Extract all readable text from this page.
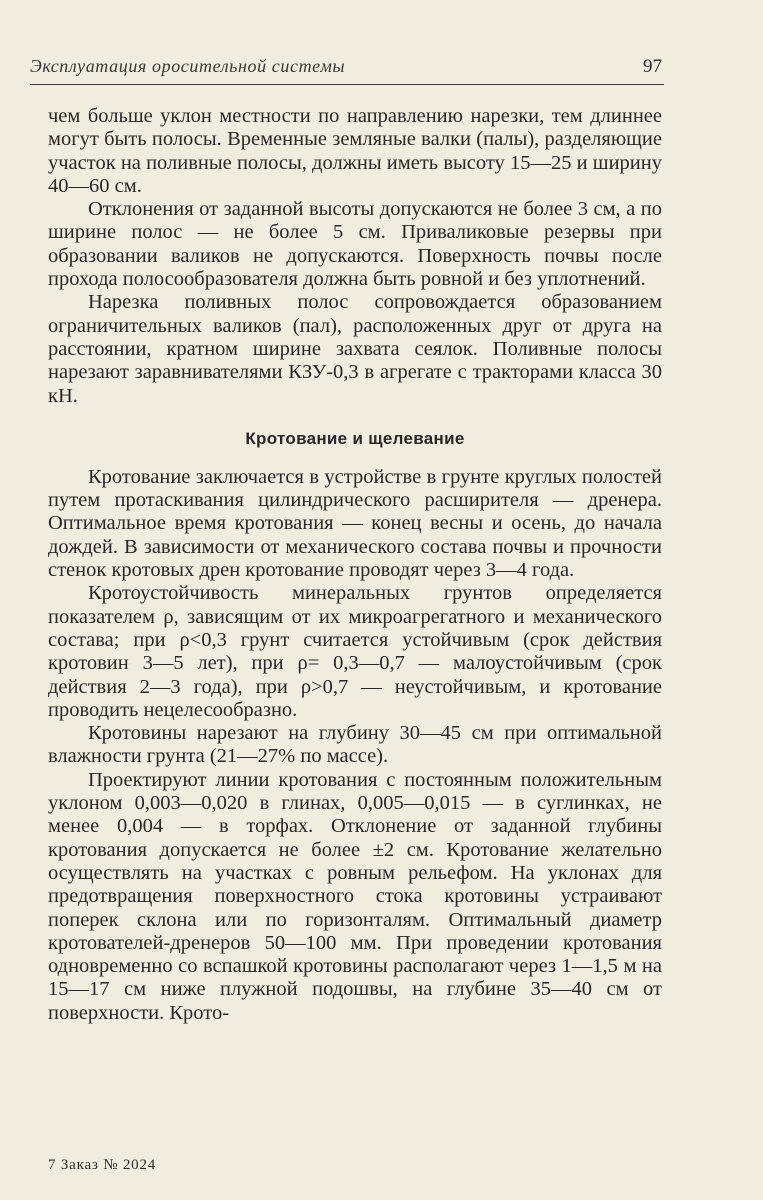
Эксплуатация оросительной системы	97

чем больше уклон местности по направлению нарезки, тем длиннее могут быть полосы. Временные земляные валки (палы), разделяющие участок на поливные полосы, должны иметь высоту 15—25 и ширину 40—60 см.

Отклонения от заданной высоты допускаются не более 3 см, а по ширине полос — не более 5 см. Приваликовые резервы при образовании валиков не допускаются. Поверхность почвы после прохода полосообразователя должна быть ровной и без уплотнений.

Нарезка поливных полос сопровождается образованием ограничительных валиков (пал), расположенных друг от друга на расстоянии, кратном ширине захвата сеялок. Поливные полосы нарезают заравнивателями КЗУ-0,3 в агрегате с тракторами класса 30 кН.

Кротование и щелевание

Кротование заключается в устройстве в грунте круглых полостей путем протаскивания цилиндрического расширителя — дренера. Оптимальное время кротования — конец весны и осень, до начала дождей. В зависимости от механического состава почвы и прочности стенок кротовых дрен кротование проводят через 3—4 года.

Кротоустойчивость минеральных грунтов определяется показателем ρ, зависящим от их микроагрегатного и механического состава; при ρ<0,3 грунт считается устойчивым (срок действия кротовин 3—5 лет), при ρ= 0,3—0,7 — малоустойчивым (срок действия 2—3 года), при ρ>0,7 — неустойчивым, и кротование проводить нецелесообразно.

Кротовины нарезают на глубину 30—45 см при оптимальной влажности грунта (21—27% по массе).

Проектируют линии кротования с постоянным положительным уклоном 0,003—0,020 в глинах, 0,005—0,015 — в суглинках, не менее 0,004 — в торфах. Отклонение от заданной глубины кротования допускается не более ±2 см. Кротование желательно осуществлять на участках с ровным рельефом. На уклонах для предотвращения поверхностного стока кротовины устраивают поперек склона или по горизонталям. Оптимальный диаметр кротователей-дренеров 50—100 мм. При проведении кротования одновременно со вспашкой кротовины располагают через 1—1,5 м на 15—17 см ниже плужной подошвы, на глубине 35—40 см от поверхности. Крото-

7 Заказ № 2024
